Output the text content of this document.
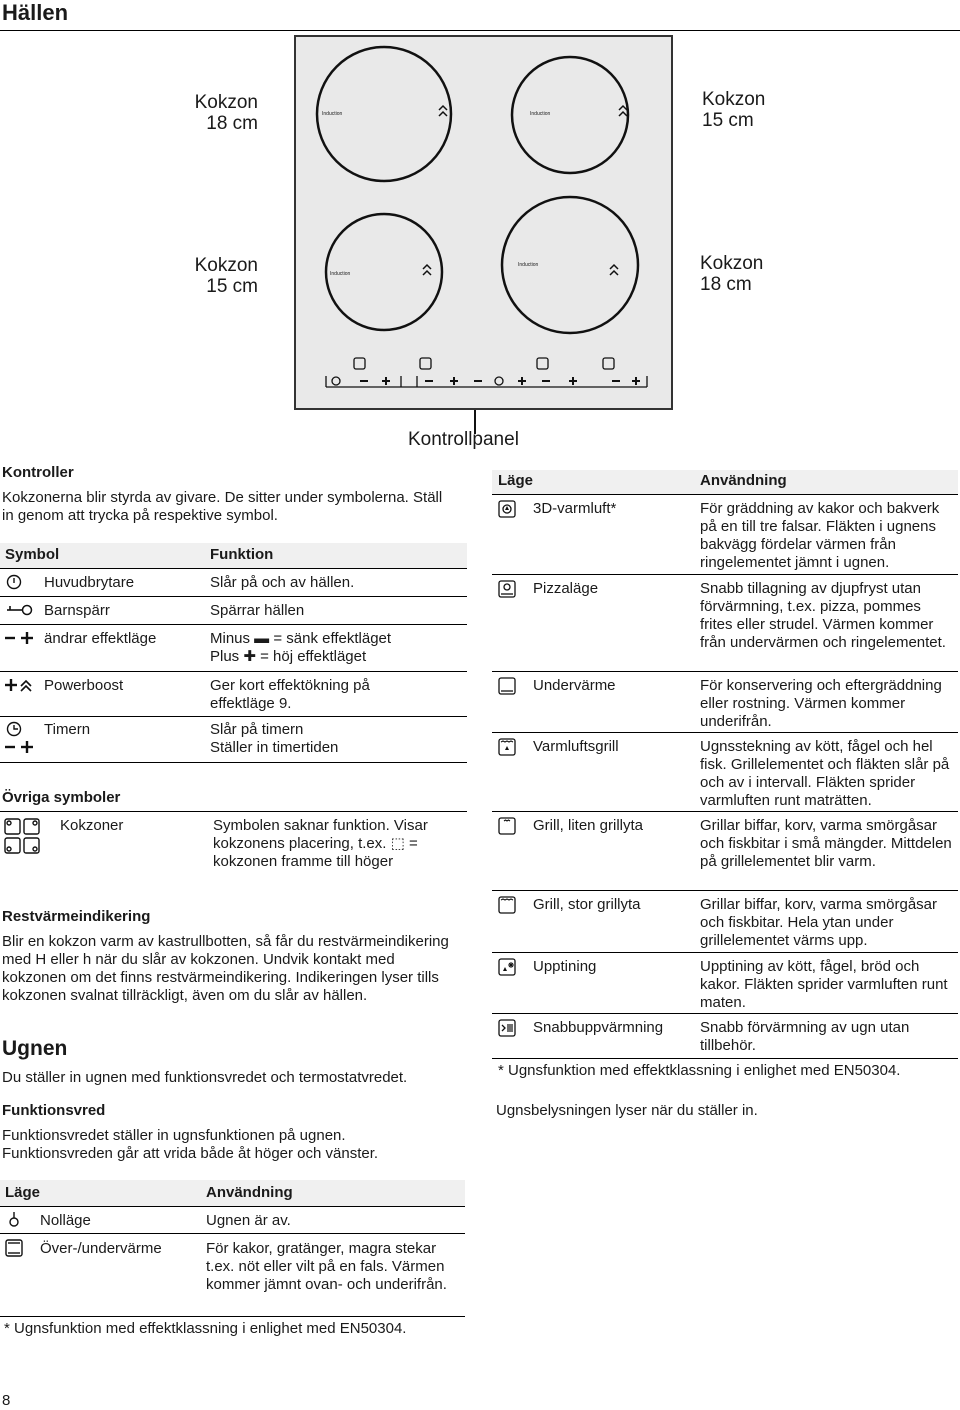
Hällen
Induction	Induction
Induction
Induction
Kokzon
18 cm
Kokzon
15 cm
Kokzon
15 cm
Kokzon
18 cm
Kontrollpanel
Kontroller
Kokzonerna blir styrda av givare. De sitter under symbolerna. Ställ in genom att trycka på respektive symbol.
Symbol	Funktion
Huvudbrytare	Slår på och av hällen.
Barnspärr	Spärrar hällen
ändrar effektläge	Minus ▬ = sänk effektläget
Plus ✚ = höj effektläget
Powerboost	Ger kort effektökning på effektläge 9.
Timern	Slår på timern
Ställer in timertiden
Övriga symboler
Kokzoner	Symbolen saknar funktion. Visar kokzonens placering, t.ex. ⬚ = kokzonen framme till höger
Restvärmeindikering
Blir en kokzon varm av kastrullbotten, så får du restvärmeindikering med H eller h när du slår av kokzonen. Undvik kontakt med kokzonen om det finns restvärmeindikering. Indikeringen lyser tills kokzonen svalnat tillräckligt, även om du slår av hällen.
Ugnen
Du ställer in ugnen med funktionsvredet och termostatvredet.
Funktionsvred
Funktionsvredet ställer in ugnsfunktionen på ugnen. Funktionsvreden går att vrida både åt höger och vänster.
Läge	Användning
Nolläge	Ugnen är av.
Över-/undervärme	För kakor, gratänger, magra stekar t.ex. nöt eller vilt på en fals. Värmen kommer jämnt ovan- och underifrån.
* Ugnsfunktion med effektklassning i enlighet med EN50304.
Läge	Användning
3D-varmluft*	För gräddning av kakor och bakverk på en till tre falsar. Fläkten i ugnens bakvägg fördelar värmen från ringelementet jämnt i ugnen.
Pizzaläge	Snabb tillagning av djupfryst utan förvärmning, t.ex. pizza, pommes frites eller strudel. Värmen kommer från undervärmen och ringelementet.
Undervärme	För konservering och eftergräddning eller rostning. Värmen kommer underifrån.
Varmluftsgrill	Ugnsstekning av kött, fågel och hel fisk. Grillelementet och fläkten slår på och av i intervall. Fläkten sprider varmluften runt maträtten.
Grill, liten grillyta	Grillar biffar, korv, varma smörgåsar och fiskbitar i små mängder. Mittdelen på grillelementet blir varm.
Grill, stor grillyta	Grillar biffar, korv, varma smörgåsar och fiskbitar. Hela ytan under grillelementet värms upp.
Upptining	Upptining av kött, fågel, bröd och kakor. Fläkten sprider varmluften runt maten.
Snabbuppvärmning Snabb förvärmning av ugn utan tillbehör.
* Ugnsfunktion med effektklassning i enlighet med EN50304.
Ugnsbelysningen lyser när du ställer in.
8
